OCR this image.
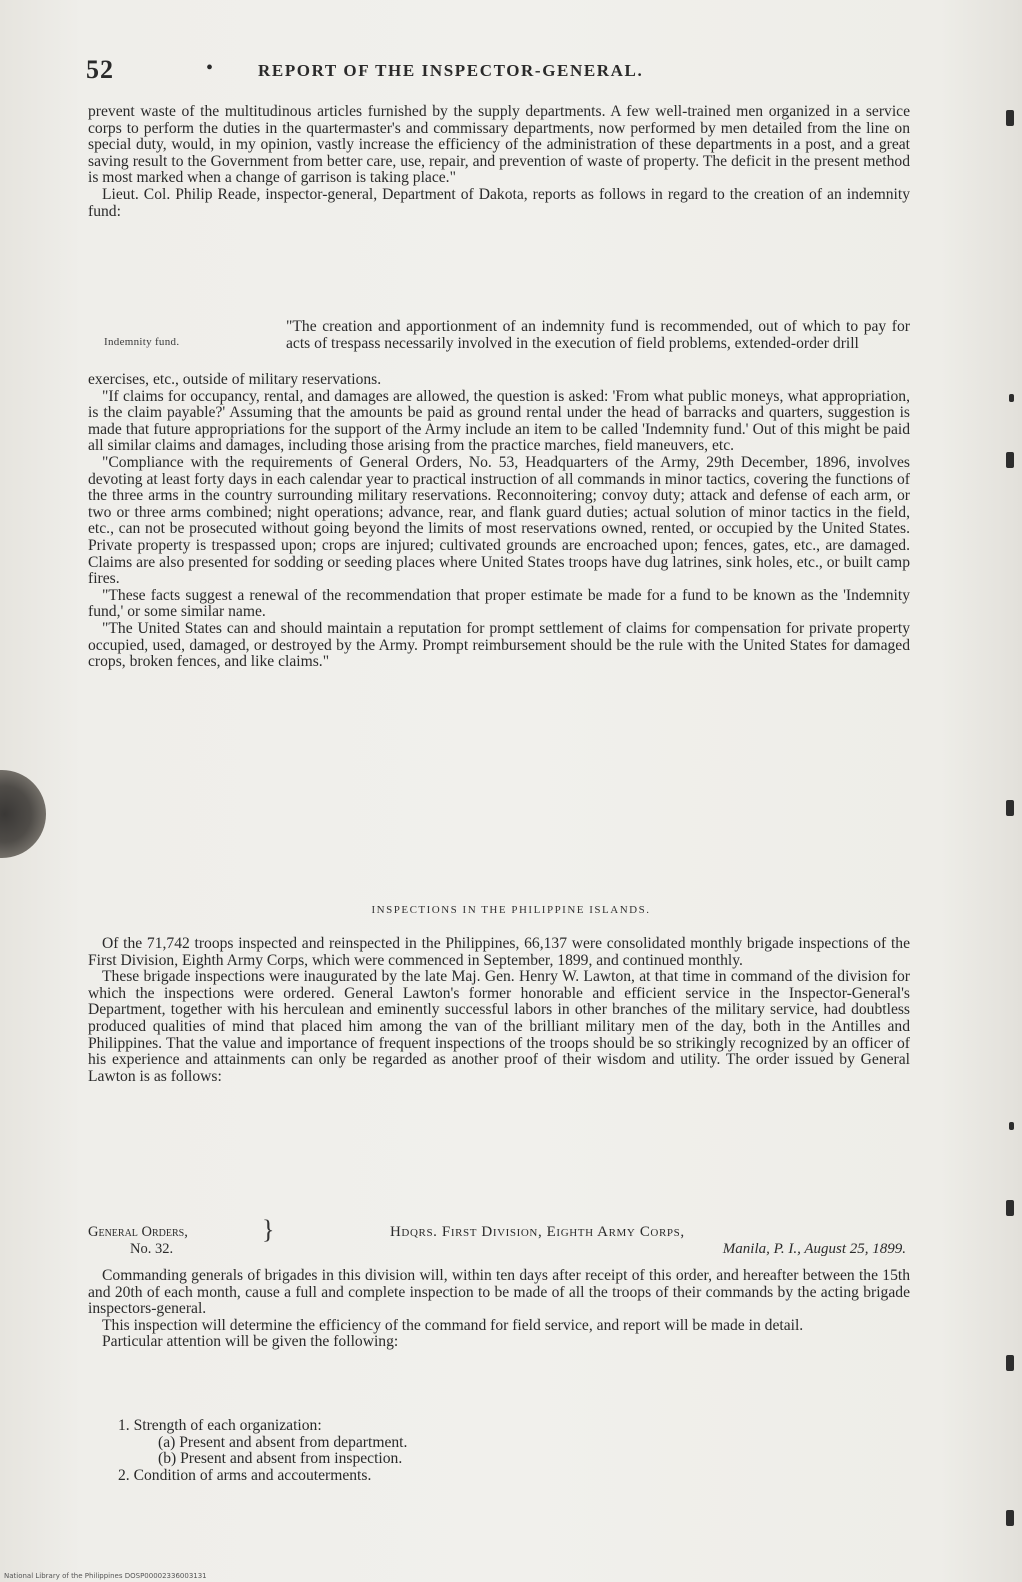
52	•	REPORT OF THE INSPECTOR-GENERAL.

prevent waste of the multitudinous articles furnished by the supply departments. A few well-trained men organized in a service corps to perform the duties in the quartermaster's and commissary departments, now performed by men detailed from the line on special duty, would, in my opinion, vastly increase the efficiency of the administration of these departments in a post, and a great saving result to the Government from better care, use, repair, and prevention of waste of property. The deficit in the present method is most marked when a change of garrison is taking place."

Lieut. Col. Philip Reade, inspector-general, Department of Dakota, reports as follows in regard to the creation of an indemnity fund:

Indemnity fund.
"The creation and apportionment of an indemnity fund is recommended, out of which to pay for acts of trespass necessarily involved in the execution of field problems, extended-order drill

exercises, etc., outside of military reservations.

"If claims for occupancy, rental, and damages are allowed, the question is asked: 'From what public moneys, what appropriation, is the claim payable?' Assuming that the amounts be paid as ground rental under the head of barracks and quarters, suggestion is made that future appropriations for the support of the Army include an item to be called 'Indemnity fund.' Out of this might be paid all similar claims and damages, including those arising from the practice marches, field maneuvers, etc.

"Compliance with the requirements of General Orders, No. 53, Headquarters of the Army, 29th December, 1896, involves devoting at least forty days in each calendar year to practical instruction of all commands in minor tactics, covering the functions of the three arms in the country surrounding military reservations. Reconnoitering; convoy duty; attack and defense of each arm, or two or three arms combined; night operations; advance, rear, and flank guard duties; actual solution of minor tactics in the field, etc., can not be prosecuted without going beyond the limits of most reservations owned, rented, or occupied by the United States. Private property is trespassed upon; crops are injured; cultivated grounds are encroached upon; fences, gates, etc., are damaged. Claims are also presented for sodding or seeding places where United States troops have dug latrines, sink holes, etc., or built camp fires.

"These facts suggest a renewal of the recommendation that proper estimate be made for a fund to be known as the 'Indemnity fund,' or some similar name.

"The United States can and should maintain a reputation for prompt settlement of claims for compensation for private property occupied, used, damaged, or destroyed by the Army. Prompt reimbursement should be the rule with the United States for damaged crops, broken fences, and like claims."

INSPECTIONS IN THE PHILIPPINE ISLANDS.

Of the 71,742 troops inspected and reinspected in the Philippines, 66,137 were consolidated monthly brigade inspections of the First Division, Eighth Army Corps, which were commenced in September, 1899, and continued monthly.

These brigade inspections were inaugurated by the late Maj. Gen. Henry W. Lawton, at that time in command of the division for which the inspections were ordered. General Lawton's former honorable and efficient service in the Inspector-General's Department, together with his herculean and eminently successful labors in other branches of the military service, had doubtless produced qualities of mind that placed him among the van of the brilliant military men of the day, both in the Antilles and Philippines. That the value and importance of frequent inspections of the troops should be so strikingly recognized by an officer of his experience and attainments can only be regarded as another proof of their wisdom and utility. The order issued by General Lawton is as follows:

General Orders,
No. 32.
}	Hdqrs. First Division, Eighth Army Corps,
Manila, P. I., August 25, 1899.

Commanding generals of brigades in this division will, within ten days after receipt of this order, and hereafter between the 15th and 20th of each month, cause a full and complete inspection to be made of all the troops of their commands by the acting brigade inspectors-general.

This inspection will determine the efficiency of the command for field service, and report will be made in detail.

Particular attention will be given the following:

1. Strength of each organization:
(a) Present and absent from department.
(b) Present and absent from inspection.
2. Condition of arms and accouterments.
National Library of the Philippines DOSP00002336003131
